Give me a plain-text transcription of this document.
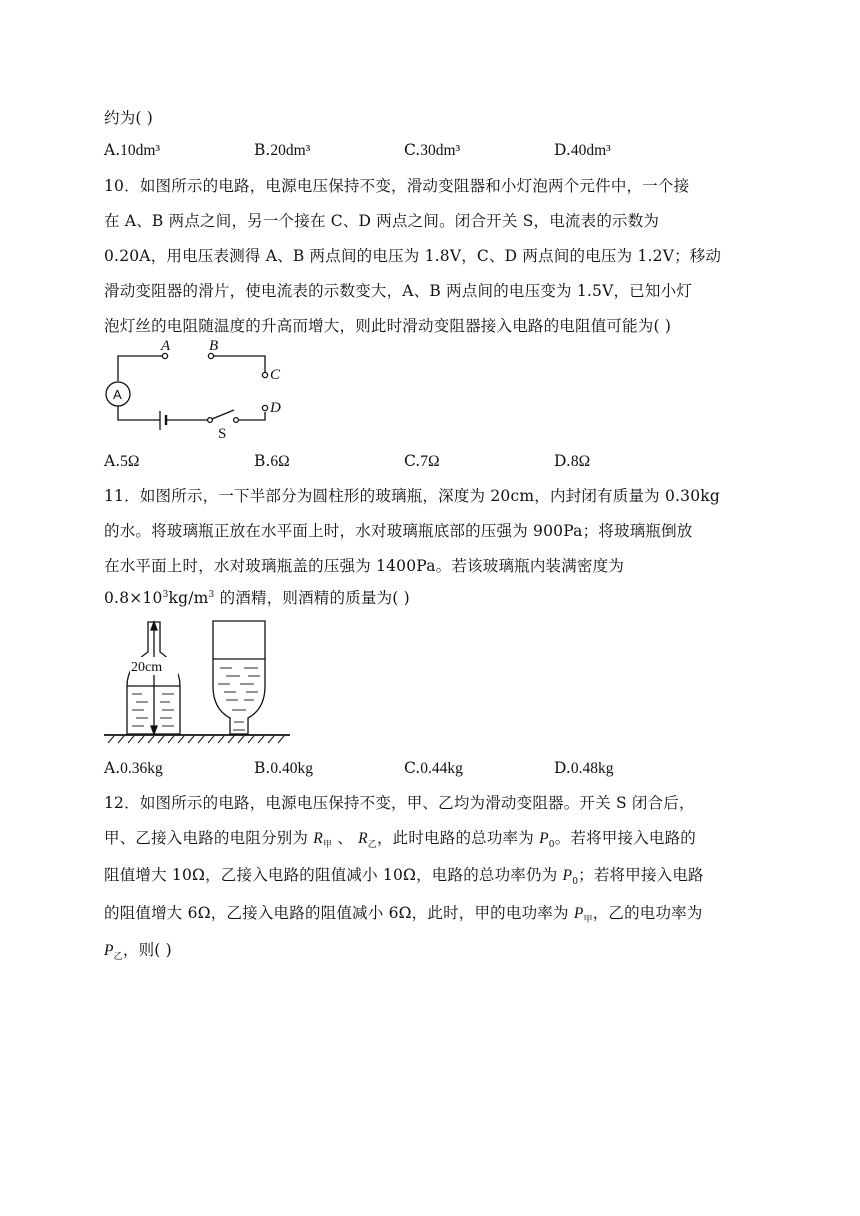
约为( )
A.10dm³	B.20dm³	C.30dm³	D.40dm³
10．如图所示的电路，电源电压保持不变，滑动变阻器和小灯泡两个元件中，一个接
在 A、B 两点之间，另一个接在 C、D 两点之间。闭合开关 S，电流表的示数为
0.20A，用电压表测得 A、B 两点间的电压为 1.8V，C、D 两点间的电压为 1.2V；移动
滑动变阻器的滑片，使电流表的示数变大，A、B 两点间的电压变为 1.5V，已知小灯
泡灯丝的电阻随温度的升高而增大，则此时滑动变阻器接入电路的电阻值可能为( )
A	B
C
D
S
A
A.5Ω	B.6Ω	C.7Ω	D.8Ω
11．如图所示，一下半部分为圆柱形的玻璃瓶，深度为 20cm，内封闭有质量为 0.30kg
的水。将玻璃瓶正放在水平面上时，水对玻璃瓶底部的压强为 900Pa；将玻璃瓶倒放
在水平面上时，水对玻璃瓶盖的压强为 1400Pa。若该玻璃瓶内装满密度为
$0.8\times 10^3kg/m^3$ 的酒精，则酒精的质量为( )
20cm
A.0.36kg	B.0.40kg	C.0.44kg	D.0.48kg
12．如图所示的电路，电源电压保持不变，甲、乙均为滑动变阻器。开关 S 闭合后，
甲、乙接入电路的电阻分别为 $R_甲$ 、 $R_乙$，此时电路的总功率为 $P_0$。若将甲接入电路的
阻值增大 10Ω，乙接入电路的阻值减小 10Ω，电路的总功率仍为 $P_0$；若将甲接入电路
的阻值增大 6Ω，乙接入电路的阻值减小 6Ω，此时，甲的电功率为 $P_甲$，乙的电功率为
$P_乙$，则( )
